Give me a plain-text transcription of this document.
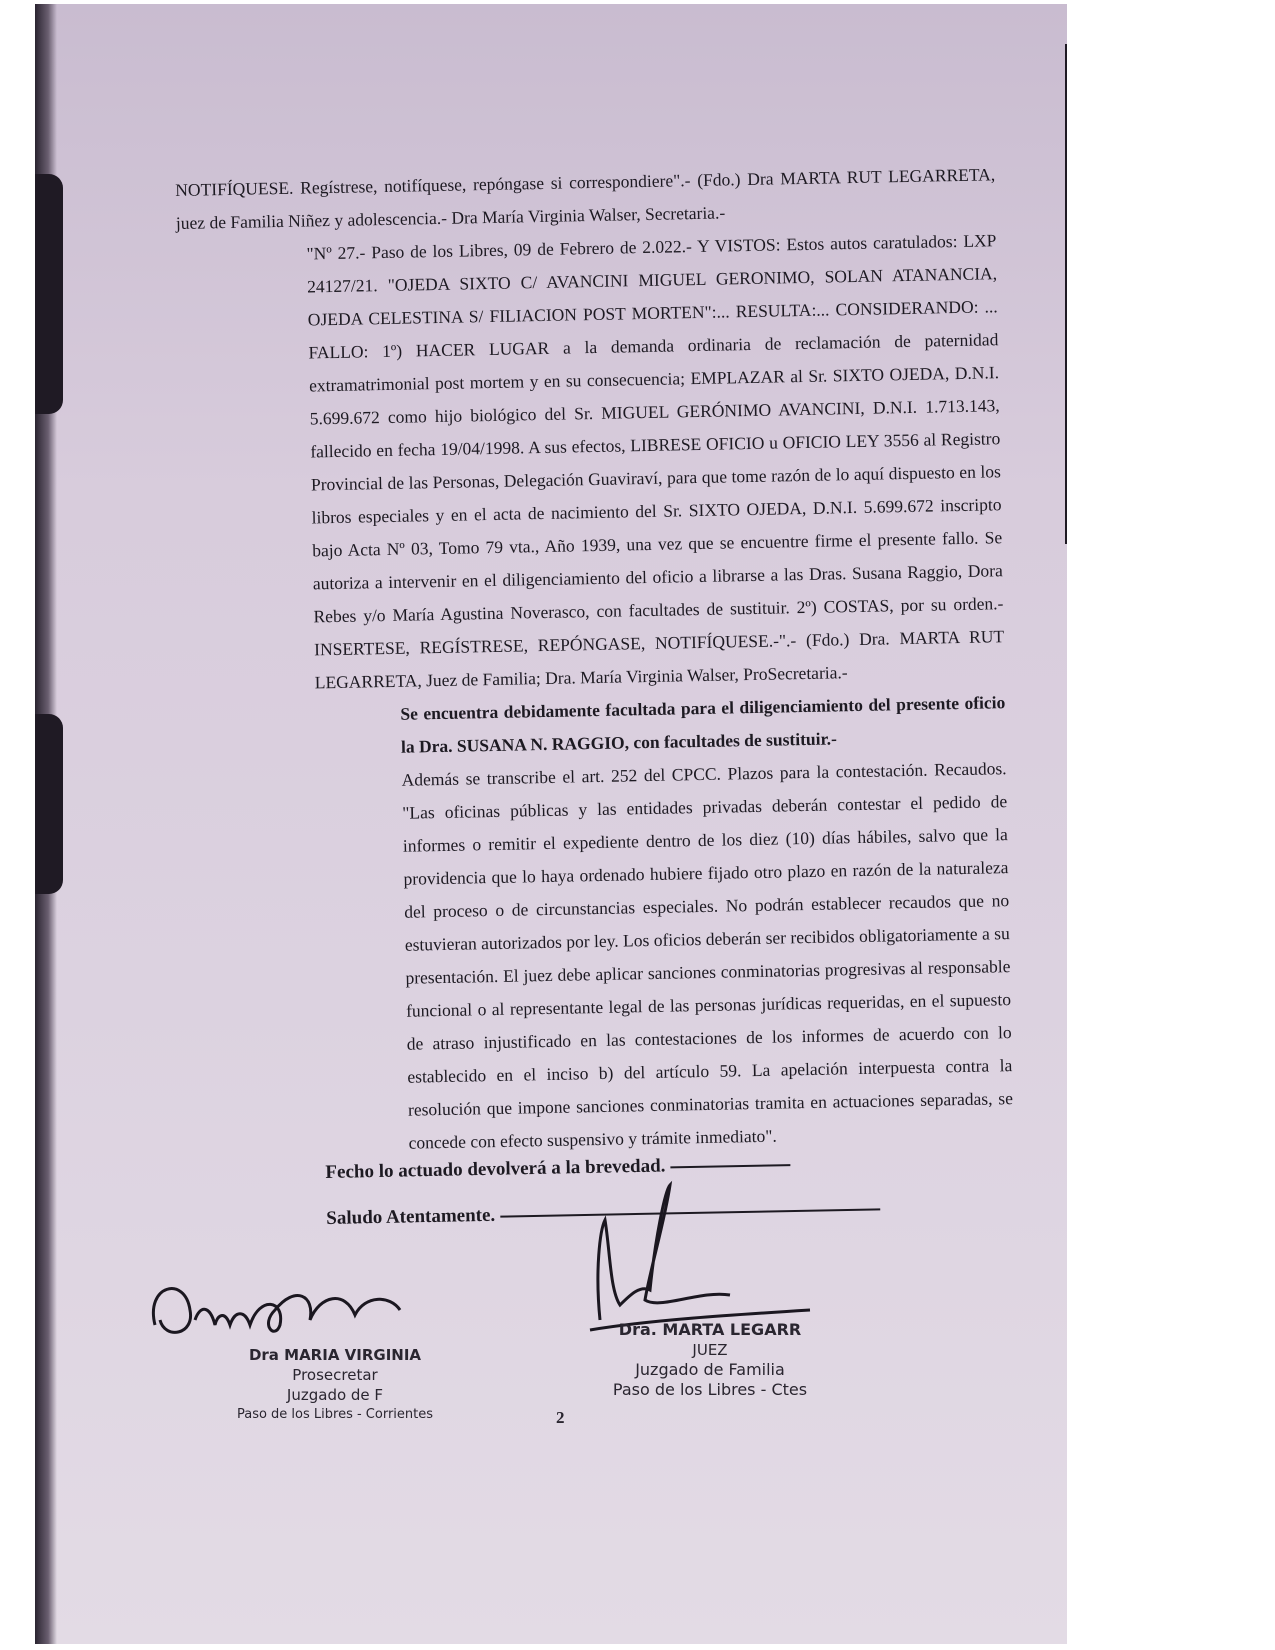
NOTIFÍQUESE. Regístrese, notifíquese, repóngase si correspondiere".- (Fdo.) Dra MARTA RUT LEGARRETA, juez de Familia Niñez y adolescencia.- Dra María Virginia Walser, Secretaria.-

"Nº 27.- Paso de los Libres, 09 de Febrero de 2.022.- Y VISTOS: Estos autos caratulados: LXP 24127/21. "OJEDA SIXTO C/ AVANCINI MIGUEL GERONIMO, SOLAN ATANANCIA, OJEDA CELESTINA S/ FILIACION POST MORTEN":... RESULTA:... CONSIDERANDO: ... FALLO: 1º) HACER LUGAR a la demanda ordinaria de reclamación de paternidad extramatrimonial post mortem y en su consecuencia; EMPLAZAR al Sr. SIXTO OJEDA, D.N.I. 5.699.672 como hijo biológico del Sr. MIGUEL GERÓNIMO AVANCINI, D.N.I. 1.713.143, fallecido en fecha 19/04/1998. A sus efectos, LIBRESE OFICIO u OFICIO LEY 3556 al Registro Provincial de las Personas, Delegación Guaviraví, para que tome razón de lo aquí dispuesto en los libros especiales y en el acta de nacimiento del Sr. SIXTO OJEDA, D.N.I. 5.699.672 inscripto bajo Acta Nº 03, Tomo 79 vta., Año 1939, una vez que se encuentre firme el presente fallo. Se autoriza a intervenir en el diligenciamiento del oficio a librarse a las Dras. Susana Raggio, Dora Rebes y/o María Agustina Noverasco, con facultades de sustituir. 2º) COSTAS, por su orden.- INSERTESE, REGÍSTRESE, REPÓNGASE, NOTIFÍQUESE.-".- (Fdo.) Dra. MARTA RUT LEGARRETA, Juez de Familia; Dra. María Virginia Walser, ProSecretaria.-

Se encuentra debidamente facultada para el diligenciamiento del presente oficio la Dra. SUSANA N. RAGGIO, con facultades de sustituir.-

Además se transcribe el art. 252 del CPCC. Plazos para la contestación. Recaudos. "Las oficinas públicas y las entidades privadas deberán contestar el pedido de informes o remitir el expediente dentro de los diez (10) días hábiles, salvo que la providencia que lo haya ordenado hubiere fijado otro plazo en razón de la naturaleza del proceso o de circunstancias especiales. No podrán establecer recaudos que no estuvieran autorizados por ley. Los oficios deberán ser recibidos obligatoriamente a su presentación. El juez debe aplicar sanciones conminatorias progresivas al responsable funcional o al representante legal de las personas jurídicas requeridas, en el supuesto de atraso injustificado en las contestaciones de los informes de acuerdo con lo establecido en el inciso b) del artículo 59. La apelación interpuesta contra la resolución que impone sanciones conminatorias tramita en actuaciones separadas, se concede con efecto suspensivo y trámite inmediato".

Fecho lo actuado devolverá a la brevedad.
Saludo Atentamente.
Dra MARIA VIRGINIA
Prosecretar
Juzgado de F
Paso de los Libres - Corrientes
Dra. MARTA LEGARR
JUEZ
Juzgado de Familia
Paso de los Libres - Ctes
2
